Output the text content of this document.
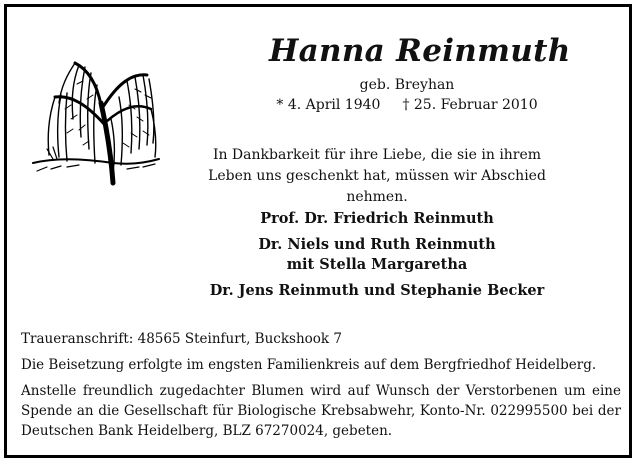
Hanna Reinmuth
geb. Breyhan
* 4. April 1940 † 25. Februar 2010
In Dankbarkeit für ihre Liebe, die sie in ihrem Leben uns geschenkt hat, müssen wir Abschied nehmen.
Prof. Dr. Friedrich Reinmuth
Dr. Niels und Ruth Reinmuth
mit Stella Margaretha
Dr. Jens Reinmuth und Stephanie Becker
Traueranschrift: 48565 Steinfurt, Buckshook 7
Die Beisetzung erfolgte im engsten Familienkreis auf dem Bergfriedhof Heidelberg.
Anstelle freundlich zugedachter Blumen wird auf Wunsch der Verstorbenen um eine Spende an die Gesellschaft für Biologische Krebsabwehr, Konto-Nr. 022995500 bei der Deutschen Bank Heidelberg, BLZ 67270024, gebeten.
